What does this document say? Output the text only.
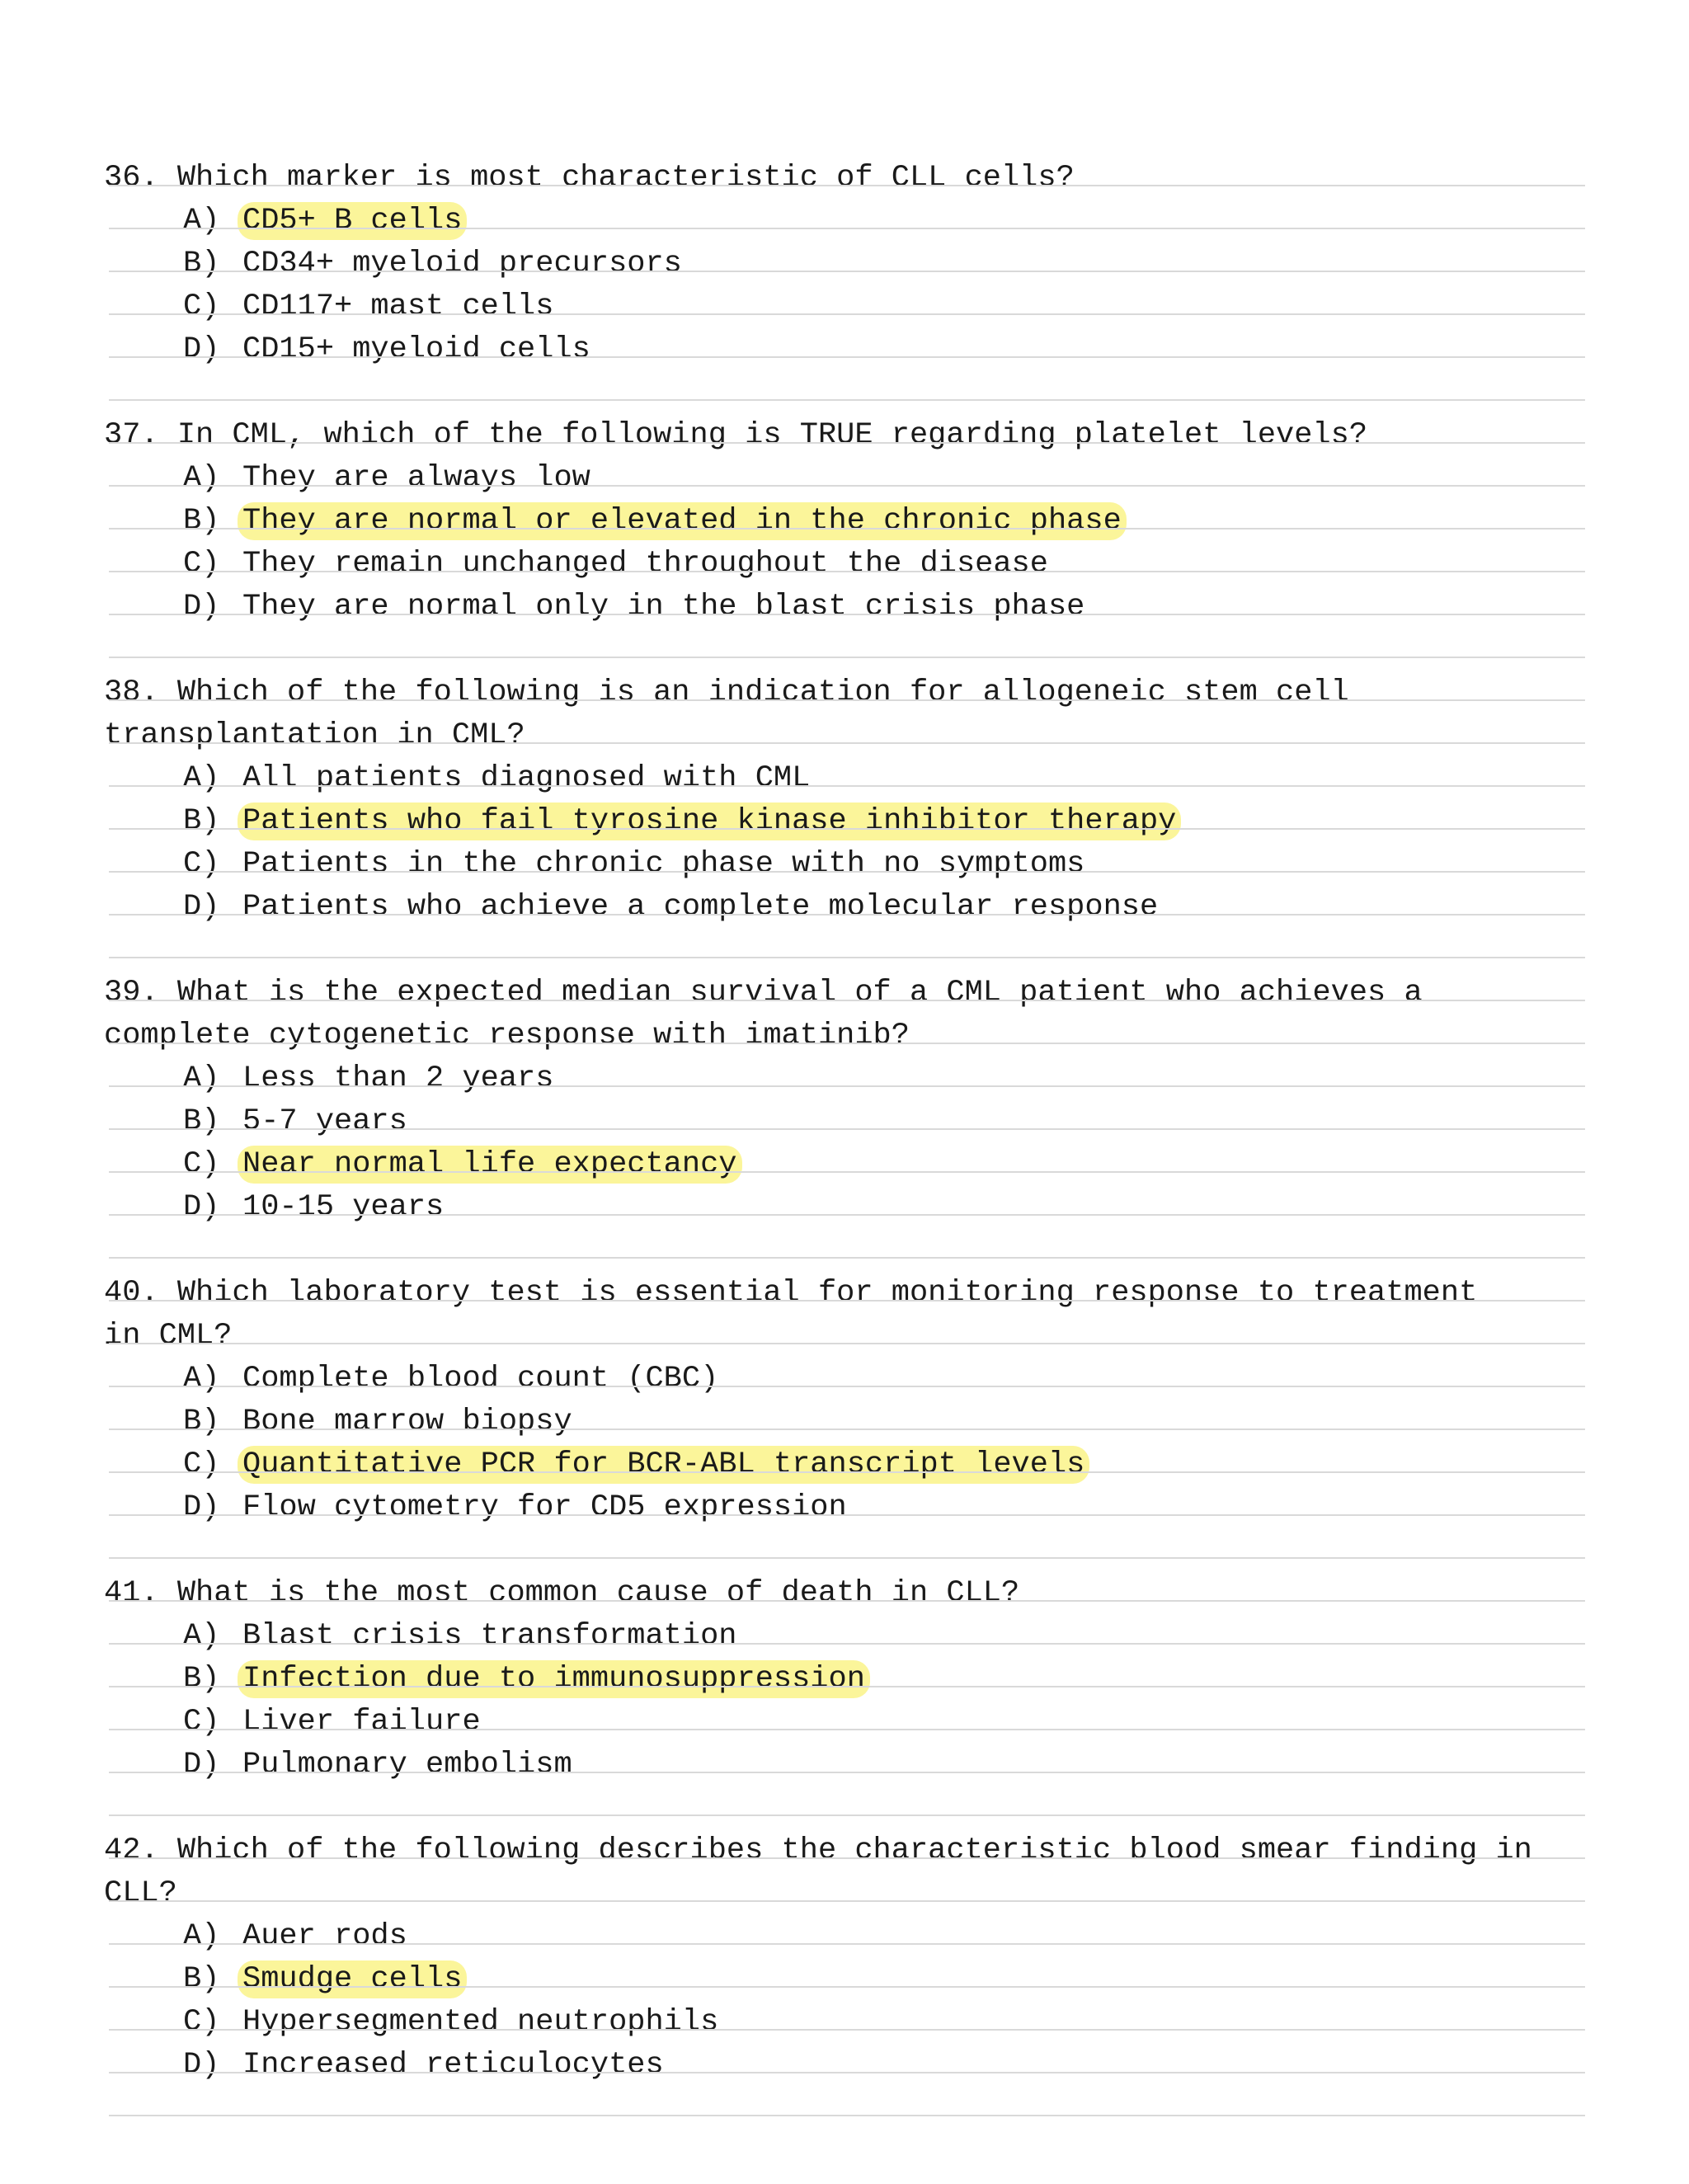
36. Which marker is most characteristic of CLL cells?
A) CD5+ B cells
B) CD34+ myeloid precursors
C) CD117+ mast cells
D) CD15+ myeloid cells
37. In CML, which of the following is TRUE regarding platelet levels?
A) They are always low
B) They are normal or elevated in the chronic phase
C) They remain unchanged throughout the disease
D) They are normal only in the blast crisis phase
38. Which of the following is an indication for allogeneic stem cell
transplantation in CML?
A) All patients diagnosed with CML
B) Patients who fail tyrosine kinase inhibitor therapy
C) Patients in the chronic phase with no symptoms
D) Patients who achieve a complete molecular response
39. What is the expected median survival of a CML patient who achieves a
complete cytogenetic response with imatinib?
A) Less than 2 years
B) 5-7 years
C) Near normal life expectancy
D) 10-15 years
40. Which laboratory test is essential for monitoring response to treatment
in CML?
A) Complete blood count (CBC)
B) Bone marrow biopsy
C) Quantitative PCR for BCR-ABL transcript levels
D) Flow cytometry for CD5 expression
41. What is the most common cause of death in CLL?
A) Blast crisis transformation
B) Infection due to immunosuppression
C) Liver failure
D) Pulmonary embolism
42. Which of the following describes the characteristic blood smear finding in
CLL?
A) Auer rods
B) Smudge cells
C) Hypersegmented neutrophils
D) Increased reticulocytes
